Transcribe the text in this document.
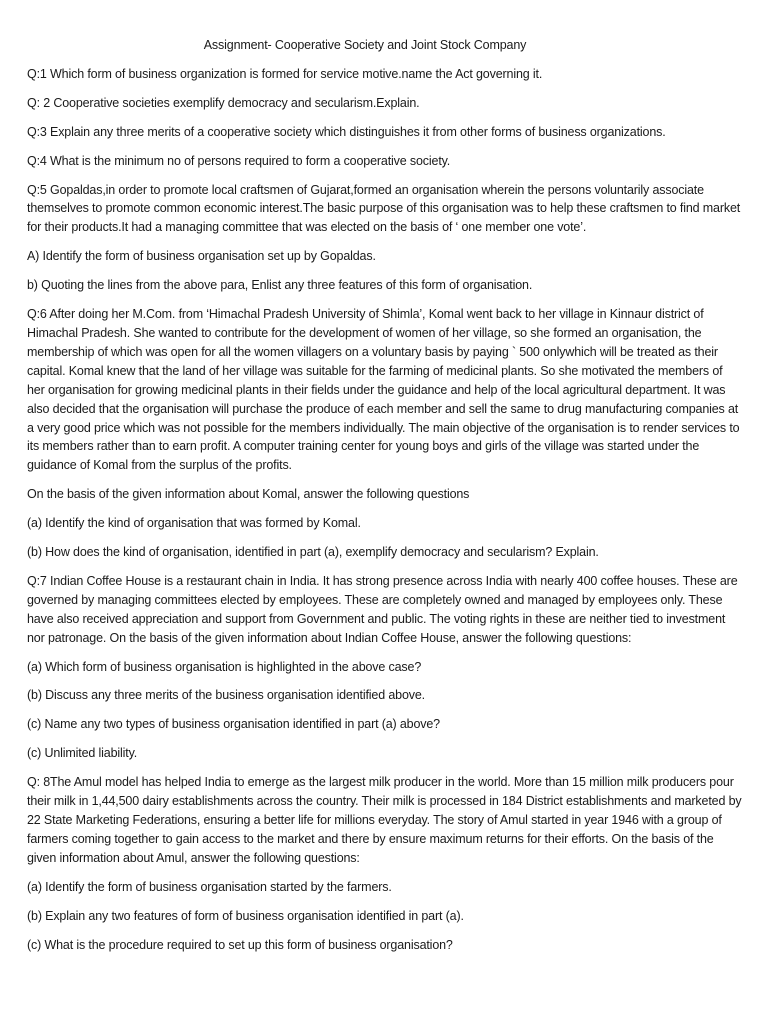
Assignment- Cooperative Society and Joint Stock Company

Q:1 Which form of business organization is formed for service motive.name the Act governing it.

Q: 2 Cooperative societies exemplify democracy and secularism.Explain.

Q:3 Explain any three merits of a cooperative society which distinguishes it from other forms of business organizations.

Q:4 What is the minimum no of persons required to form a cooperative society.

Q:5 Gopaldas,in order to promote local craftsmen of Gujarat,formed an organisation wherein the persons voluntarily associate themselves to promote common economic interest.The basic purpose of this organisation was to help these craftsmen to find market for their products.It had a managing committee that was elected on the basis of ‘ one member one vote’.

A) Identify the form of business organisation set up by Gopaldas.

b) Quoting the lines from the above para, Enlist any three features of this form of organisation.

Q:6 After doing her M.Com. from ‘Himachal Pradesh University of Shimla’, Komal went back to her village in Kinnaur district of Himachal Pradesh. She wanted to contribute for the development of women of her village, so she formed an organisation, the membership of which was open for all the women villagers on a voluntary basis by paying ` 500 onlywhich will be treated as their capital. Komal knew that the land of her village was suitable for the farming of medicinal plants. So she motivated the members of her organisation for growing medicinal plants in their fields under the guidance and help of the local agricultural department. It was also decided that the organisation will purchase the produce of each member and sell the same to drug manufacturing companies at a very good price which was not possible for the members individually. The main objective of the organisation is to render services to its members rather than to earn profit. A computer training center for young boys and girls of the village was started under the guidance of Komal from the surplus of the profits.

On the basis of the given information about Komal, answer the following questions

(a) Identify the kind of organisation that was formed by Komal.

(b) How does the kind of organisation, identified in part (a), exemplify democracy and secularism? Explain.

Q:7 Indian Coffee House is a restaurant chain in India. It has strong presence across India with nearly 400 coffee houses. These are governed by managing committees elected by employees. These are completely owned and managed by employees only. These have also received appreciation and support from Government and public. The voting rights in these are neither tied to investment nor patronage. On the basis of the given information about Indian Coffee House, answer the following questions:

(a) Which form of business organisation is highlighted in the above case?

(b) Discuss any three merits of the business organisation identified above.

(c) Name any two types of business organisation identified in part (a) above?

(c) Unlimited liability.

Q: 8The Amul model has helped India to emerge as the largest milk producer in the world. More than 15 million milk producers pour their milk in 1,44,500 dairy establishments across the country. Their milk is processed in 184 District establishments and marketed by 22 State Marketing Federations, ensuring a better life for millions everyday. The story of Amul started in year 1946 with a group of farmers coming together to gain access to the market and there by ensure maximum returns for their efforts. On the basis of the given information about Amul, answer the following questions:

(a) Identify the form of business organisation started by the farmers.

(b) Explain any two features of form of business organisation identified in part (a).

(c) What is the procedure required to set up this form of business organisation?
